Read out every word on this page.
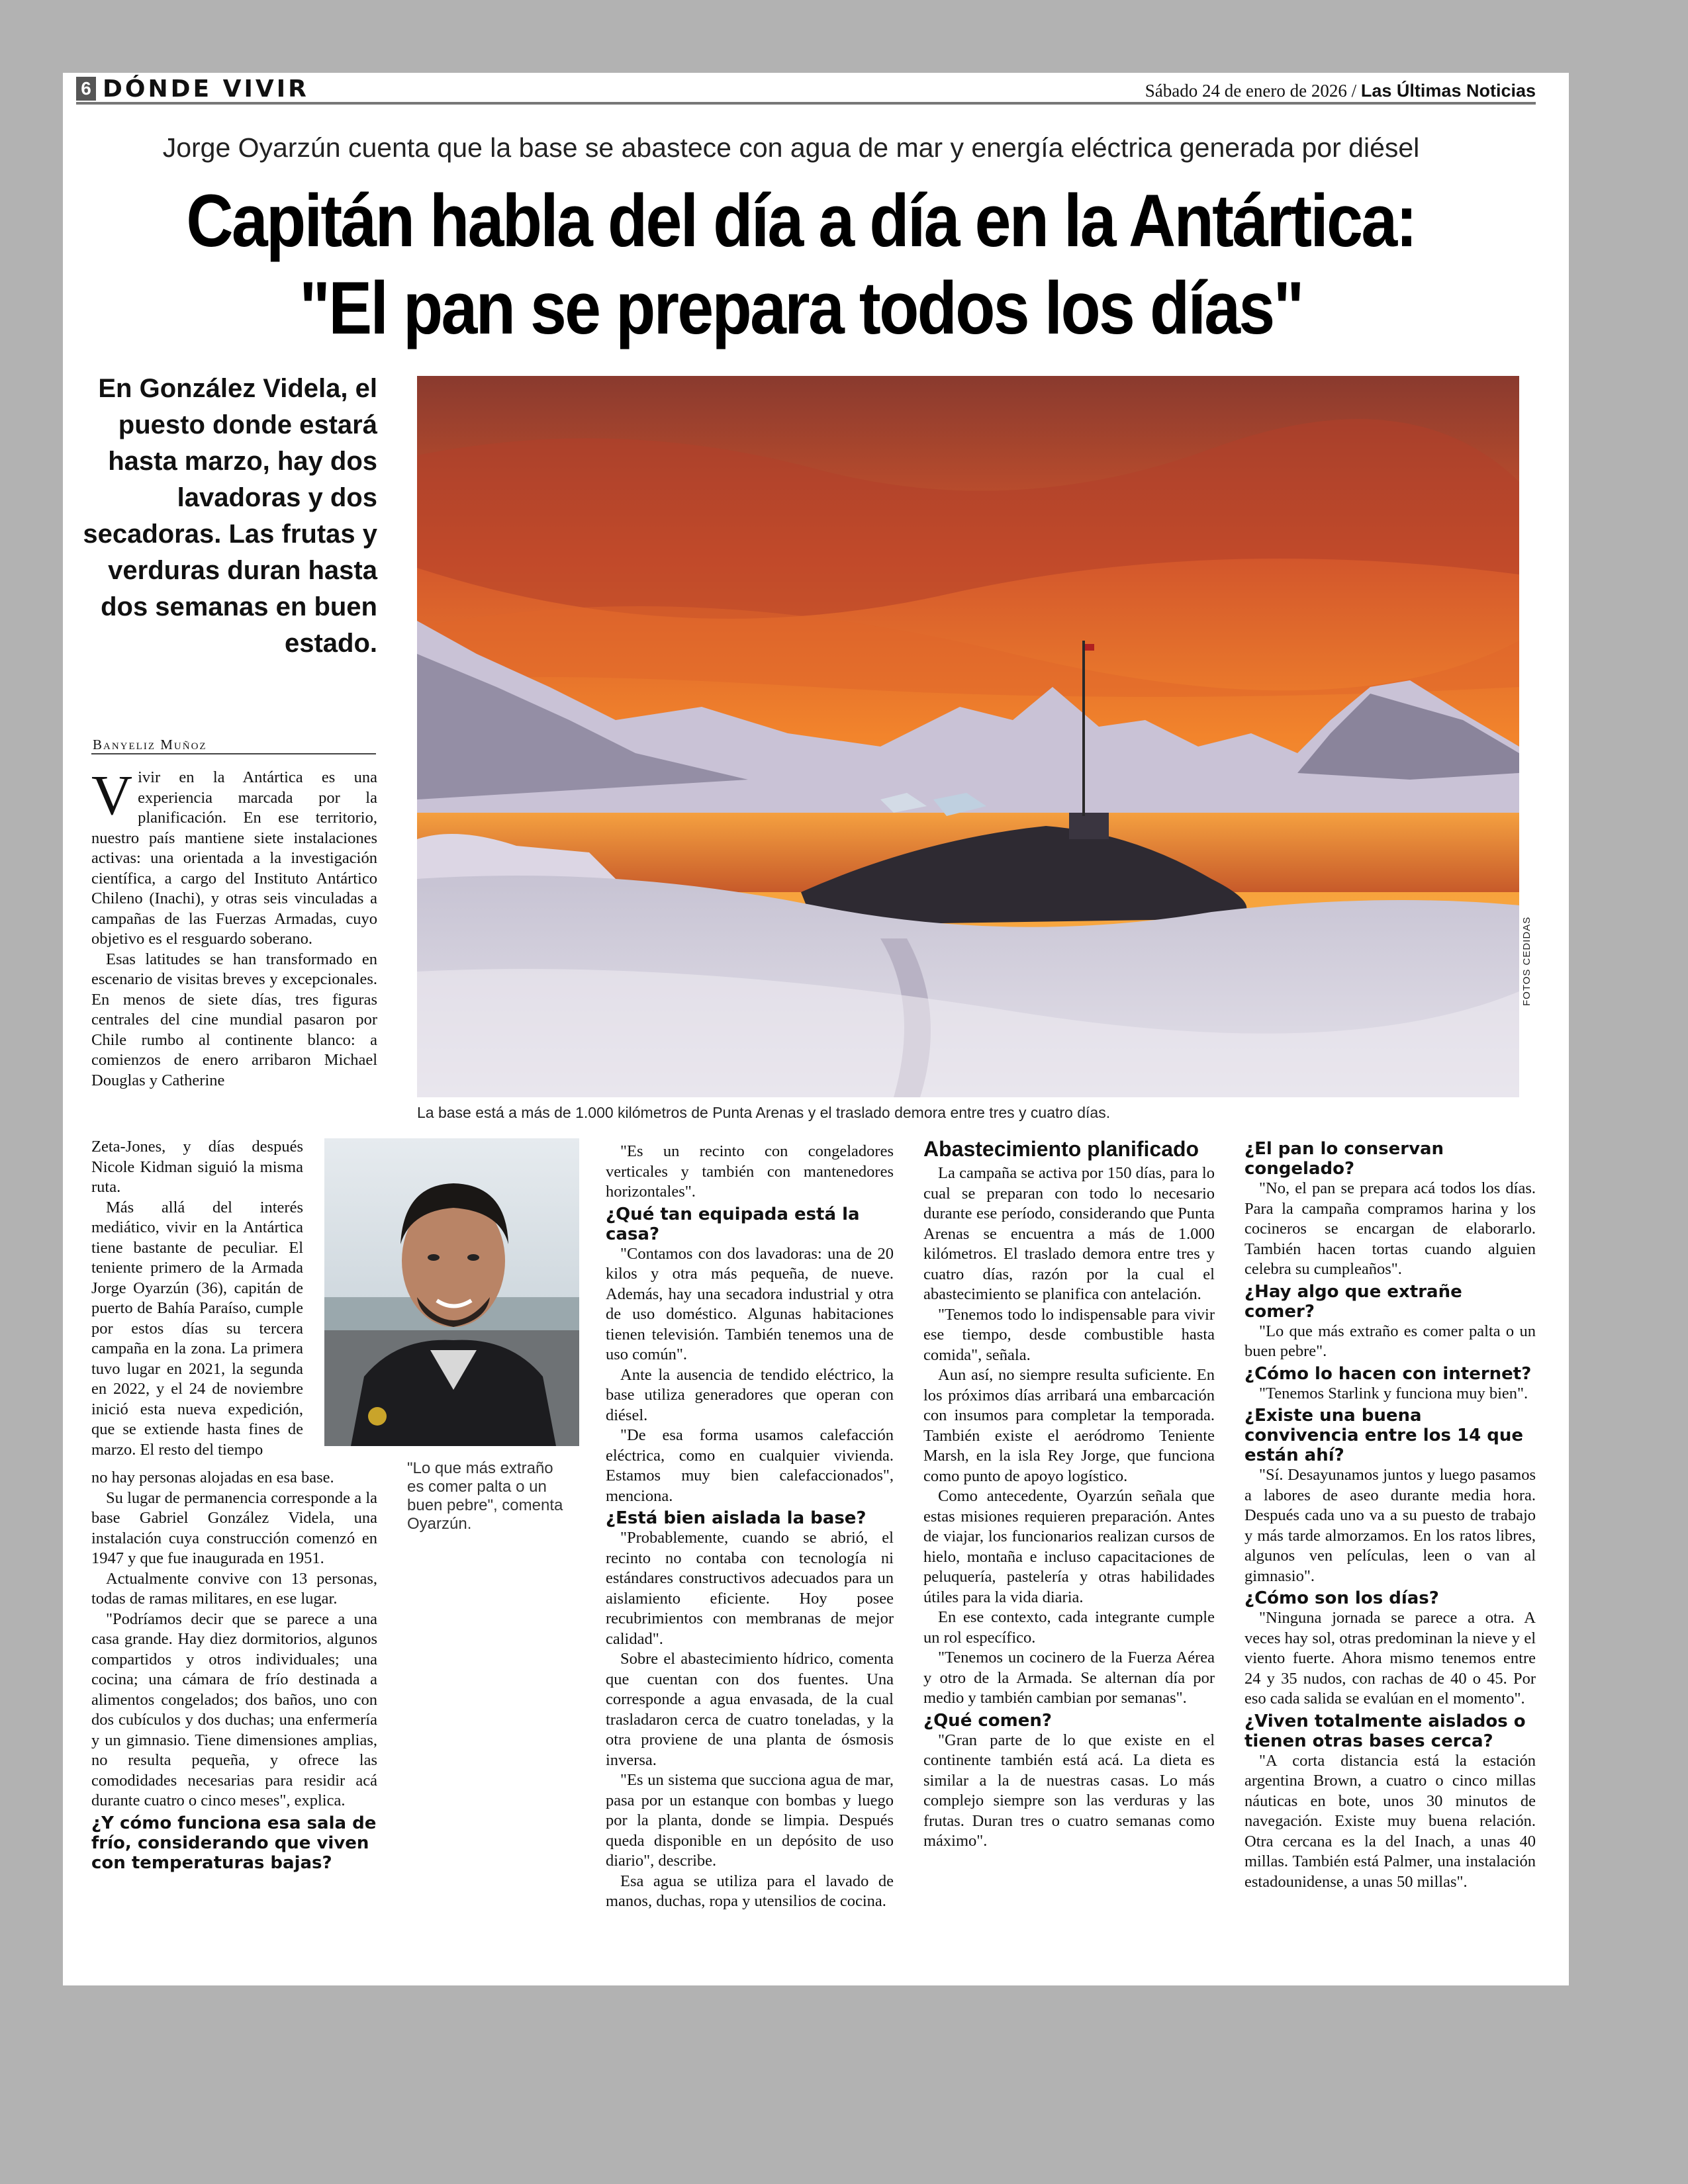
6 DÓNDE VIVIR	Sábado 24 de enero de 2026 / Las Últimas Noticias
Jorge Oyarzún cuenta que la base se abastece con agua de mar y energía eléctrica generada por diésel
Capitán habla del día a día en la Antártica:
"El pan se prepara todos los días"
En González Videla, el puesto donde estará hasta marzo, hay dos lavadoras y dos secadoras. Las frutas y verduras duran hasta dos semanas en buen estado.
FOTOS CEDIDAS
La base está a más de 1.000 kilómetros de Punta Arenas y el traslado demora entre tres y cuatro días.
Banyeliz Muñoz

Vivir en la Antártica es una experiencia marcada por la planificación. En ese territorio, nuestro país mantiene siete instalaciones activas: una orientada a la investigación científica, a cargo del Instituto Antártico Chileno (Inachi), y otras seis vinculadas a campañas de las Fuerzas Armadas, cuyo objetivo es el resguardo soberano.

Esas latitudes se han transformado en escenario de visitas breves y excepcionales. En menos de siete días, tres figuras centrales del cine mundial pasaron por Chile rumbo al continente blanco: a comienzos de enero arribaron Michael Douglas y Catherine

Zeta-Jones, y días después Nicole Kidman siguió la misma ruta.

Más allá del interés mediático, vivir en la Antártica tiene bastante de peculiar. El teniente primero de la Armada Jorge Oyarzún (36), capitán de puerto de Bahía Paraíso, cumple por estos días su tercera campaña en la zona. La primera tuvo lugar en 2021, la segunda en 2022, y el 24 de noviembre inició esta nueva expedición, que se extiende hasta fines de marzo. El resto del tiempo

no hay personas alojadas en esa base.

Su lugar de permanencia corresponde a la base Gabriel González Videla, una instalación cuya construcción comenzó en 1947 y que fue inaugurada en 1951.

Actualmente convive con 13 personas, todas de ramas militares, en ese lugar.

"Podríamos decir que se parece a una casa grande. Hay diez dormitorios, algunos compartidos y otros individuales; una cocina; una cámara de frío destinada a alimentos congelados; dos baños, uno con dos cubículos y dos duchas; una enfermería y un gimnasio. Tiene dimensiones amplias, no resulta pequeña, y ofrece las comodidades necesarias para residir acá durante cuatro o cinco meses", explica.

¿Y cómo funciona esa sala de frío, considerando que viven con temperaturas bajas?

"Lo que más extraño es comer palta o un buen pebre", comenta Oyarzún.

"Es un recinto con congeladores verticales y también con mantenedores horizontales".

¿Qué tan equipada está la casa?

"Contamos con dos lavadoras: una de 20 kilos y otra más pequeña, de nueve. Además, hay una secadora industrial y otra de uso doméstico. Algunas habitaciones tienen televisión. También tenemos una de uso común".

Ante la ausencia de tendido eléctrico, la base utiliza generadores que operan con diésel.

"De esa forma usamos calefacción eléctrica, como en cualquier vivienda. Estamos muy bien calefaccionados", menciona.

¿Está bien aislada la base?

"Probablemente, cuando se abrió, el recinto no contaba con tecnología ni estándares constructivos adecuados para un aislamiento eficiente. Hoy posee recubrimientos con membranas de mejor calidad".

Sobre el abastecimiento hídrico, comenta que cuentan con dos fuentes. Una corresponde a agua envasada, de la cual trasladaron cerca de cuatro toneladas, y la otra proviene de una planta de ósmosis inversa.

"Es un sistema que succiona agua de mar, pasa por un estanque con bombas y luego por la planta, donde se limpia. Después queda disponible en un depósito de uso diario", describe.

Esa agua se utiliza para el lavado de manos, duchas, ropa y utensilios de cocina.

Abastecimiento planificado

La campaña se activa por 150 días, para lo cual se preparan con todo lo necesario durante ese período, considerando que Punta Arenas se encuentra a más de 1.000 kilómetros. El traslado demora entre tres y cuatro días, razón por la cual el abastecimiento se planifica con antelación.

"Tenemos todo lo indispensable para vivir ese tiempo, desde combustible hasta comida", señala.

Aun así, no siempre resulta suficiente. En los próximos días arribará una embarcación con insumos para completar la temporada. También existe el aeródromo Teniente Marsh, en la isla Rey Jorge, que funciona como punto de apoyo logístico.

Como antecedente, Oyarzún señala que estas misiones requieren preparación. Antes de viajar, los funcionarios realizan cursos de hielo, montaña e incluso capacitaciones de peluquería, pastelería y otras habilidades útiles para la vida diaria.

En ese contexto, cada integrante cumple un rol específico.

"Tenemos un cocinero de la Fuerza Aérea y otro de la Armada. Se alternan día por medio y también cambian por semanas".

¿Qué comen?

"Gran parte de lo que existe en el continente también está acá. La dieta es similar a la de nuestras casas. Lo más complejo siempre son las verduras y las frutas. Duran tres o cuatro semanas como máximo".

¿El pan lo conservan congelado?

"No, el pan se prepara acá todos los días. Para la campaña compramos harina y los cocineros se encargan de elaborarlo. También hacen tortas cuando alguien celebra su cumpleaños".

¿Hay algo que extrañe comer?

"Lo que más extraño es comer palta o un buen pebre".

¿Cómo lo hacen con internet?

"Tenemos Starlink y funciona muy bien".

¿Existe una buena convivencia entre los 14 que están ahí?

"Sí. Desayunamos juntos y luego pasamos a labores de aseo durante media hora. Después cada uno va a su puesto de trabajo y más tarde almorzamos. En los ratos libres, algunos ven películas, leen o van al gimnasio".

¿Cómo son los días?

"Ninguna jornada se parece a otra. A veces hay sol, otras predominan la nieve y el viento fuerte. Ahora mismo tenemos entre 24 y 35 nudos, con rachas de 40 o 45. Por eso cada salida se evalúan en el momento".

¿Viven totalmente aislados o tienen otras bases cerca?

"A corta distancia está la estación argentina Brown, a cuatro o cinco millas náuticas en bote, unos 30 minutos de navegación. Existe muy buena relación. Otra cercana es la del Inach, a unas 40 millas. También está Palmer, una instalación estadounidense, a unas 50 millas".
